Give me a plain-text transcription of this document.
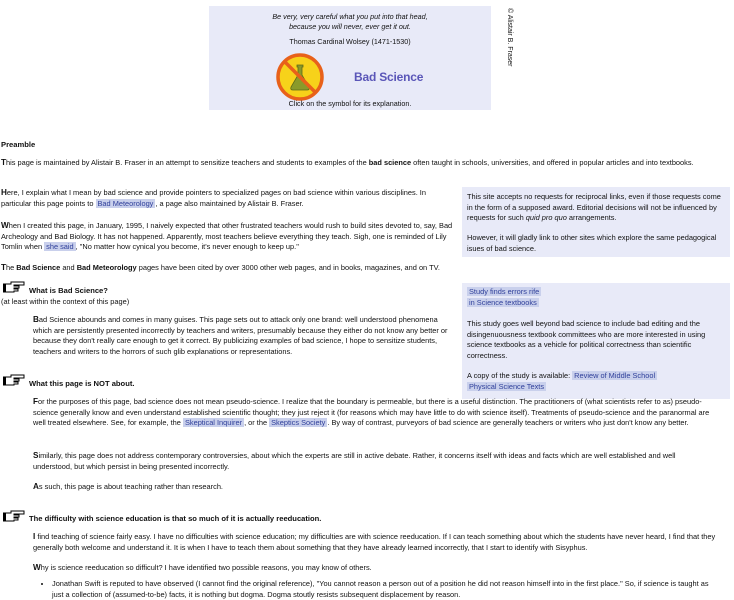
Be very, very careful what you put into that head,
because you will never, ever get it out.
Thomas Cardinal Wolsey (1471-1530)
Bad Science
Click on the symbol for its explanation.
© Alistair B. Fraser
Preamble

This page is maintained by Alistair B. Fraser in an attempt to sensitize teachers and students to examples of the bad science often taught in schools, universities, and offered in popular articles and into textbooks.

Here, I explain what I mean by bad science and provide pointers to specialized pages on bad science within various disciplines. In particular this page points to Bad Meteorology , a page also maintained by Alistair B. Fraser.

When I created this page, in January, 1995, I naively expected that other frustrated teachers would rush to build sites devoted to, say, Bad Archeology and Bad Biology. It has not happened. Apparently, most teachers believe everything they teach. Sigh, one is reminded of Lily Tomlin when she said , "No matter how cynical you become, it's never enough to keep up."

The Bad Science and Bad Meteorology pages have been cited by over 3000 other web pages, and in books, magazines, and on TV.

This site accepts no requests for reciprocal links, even if those requests come in the form of a supposed award. Editorial decisions will not be influenced by requests for such quid pro quo arrangements.

However, it will gladly link to other sites which explore the same pedagogical isues of bad science.

What is Bad Science?

(at least within the context of this page)

Bad Science abounds and comes in many guises. This page sets out to attack only one brand: well understood phenomena which are persistently presented incorrectly by teachers and writers, presumably because they either do not know any better or because they don't really care enough to get it correct. By publicizing examples of bad science, I hope to sensitize students, teachers and writers to the horrors of such glib explanations or representations.

Study finds errors rife
in Science textbooks

This study goes well beyond bad science to include bad editing and the disingenuousness textbook committees who are more interested in using science textbooks as a vehicle for political correctness than scientific correctness.

A copy of the study is available: Review of Middle School
Physical Science Texts
What this page is NOT about.

For the purposes of this page, bad science does not mean pseudo-science. I realize that the boundary is permeable, but there is a useful distinction. The practitioners of (what scientists refer to as) pseudo-science generally know and even understand established scientific thought; they just reject it (for reasons which may have little to do with science itself). Treatments of pseudo-science and the paranormal are well treated elsewhere. See, for example, the Skeptical Inquirer , or the Skeptics Society . By way of contrast, purveyors of bad science are generally teachers or writers who just don't know any better.

Similarly, this page does not address contemporary controversies, about which the experts are still in active debate. Rather, it concerns itself with ideas and facts which are well established and well understood, but which persist in being presented incorrectly.

As such, this page is about teaching rather than research.

The difficulty with science education is that so much of it is actually reeducation.

I find teaching of science fairly easy. I have no difficulties with science education; my difficulties are with science reeducation. If I can teach something about which the students have never heard, I find that they generally both welcome and understand it. It is when I have to teach them about something that they have already learned incorrectly, that I start to identify with Sisyphus.

Why is science reeducation so difficult? I have identified two possible reasons, you may know of others.

• Jonathan Swift is reputed to have observed (I cannot find the original reference), "You cannot reason a person out of a position he did not reason himself into in the first place." So, if science is taught as just a collection of (assumed-to-be) facts, it is nothing but dogma. Dogma stoutly resists subsequent displacement by reason.
